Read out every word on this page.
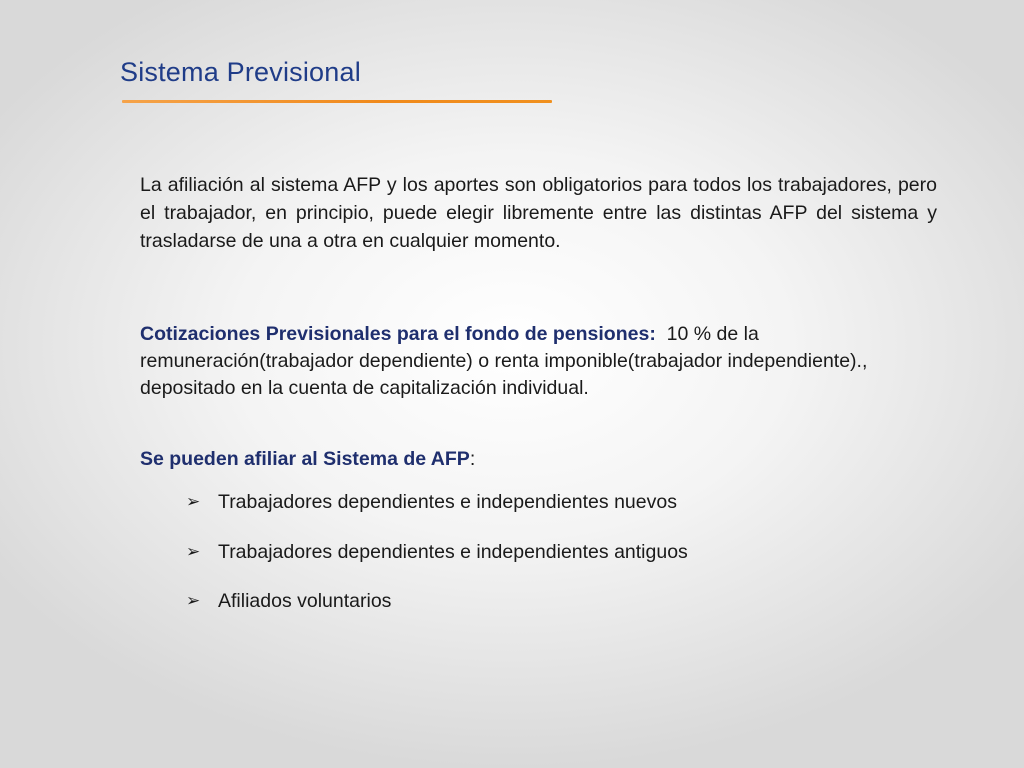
Sistema Previsional
La afiliación al sistema AFP y los aportes son obligatorios para todos los trabajadores, pero el trabajador, en principio, puede elegir libremente entre las distintas AFP del sistema y trasladarse de una a otra en cualquier momento.
Cotizaciones Previsionales para el fondo de pensiones: 10 % de la remuneración(trabajador dependiente) o renta imponible(trabajador independiente)., depositado en la cuenta de capitalización individual.
Se pueden afiliar al Sistema de AFP:
➢ Trabajadores dependientes e independientes nuevos
➢ Trabajadores dependientes e independientes antiguos
➢ Afiliados voluntarios
